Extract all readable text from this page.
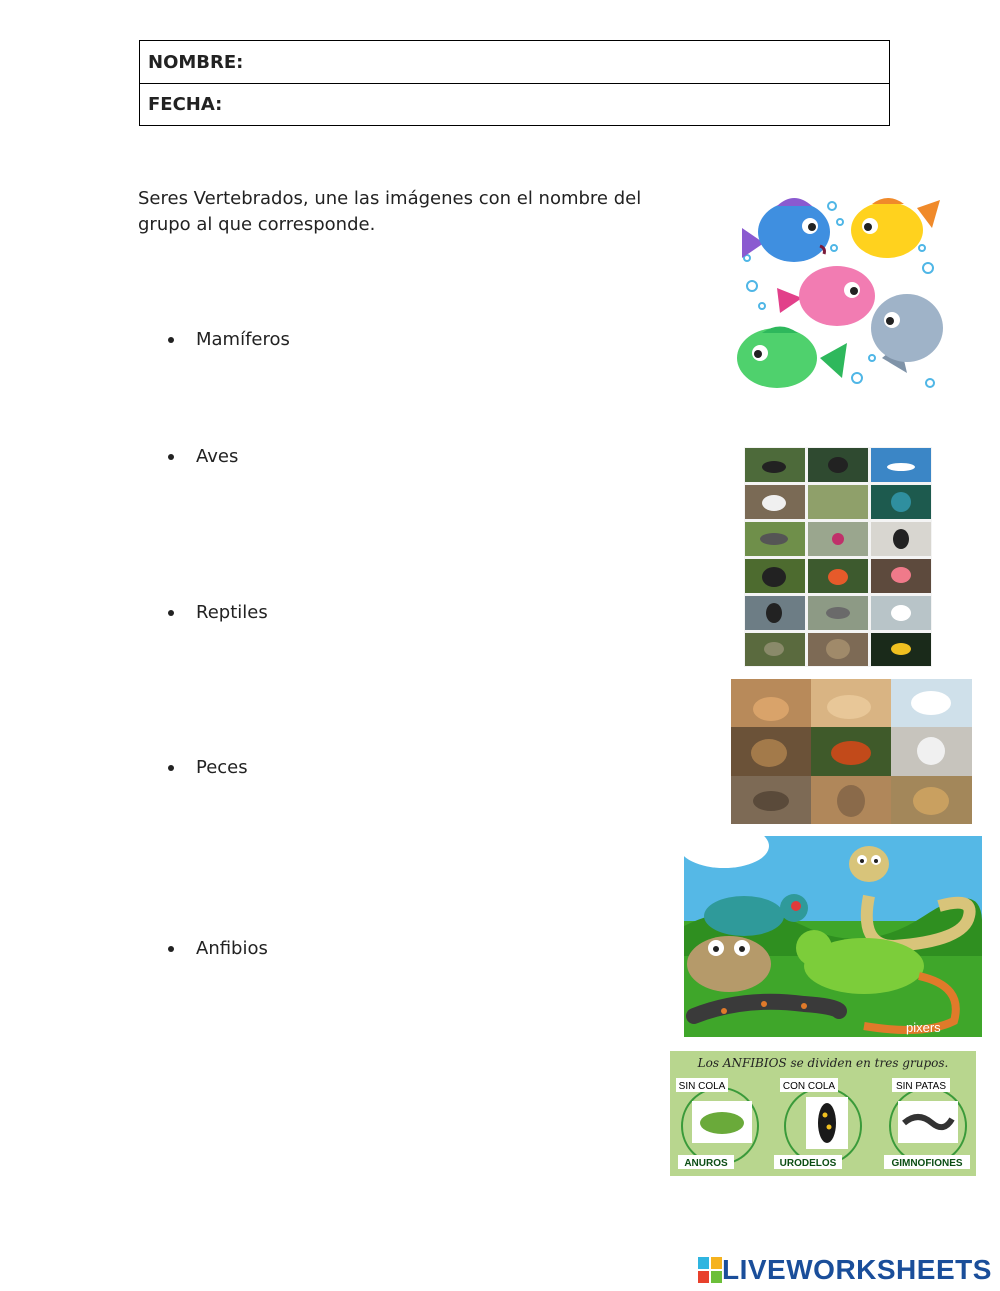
NOMBRE:
FECHA:
Seres Vertebrados, une las imágenes con el nombre del grupo al que corresponde.
Mamíferos
Aves
Reptiles
Peces
Anfibios
pixers
Los ANFIBIOS se dividen en tres grupos.
SIN COLA
ANUROS
CON COLA
URODELOS
SIN PATAS
GIMNOFIONES
LIVEWORKSHEETS
